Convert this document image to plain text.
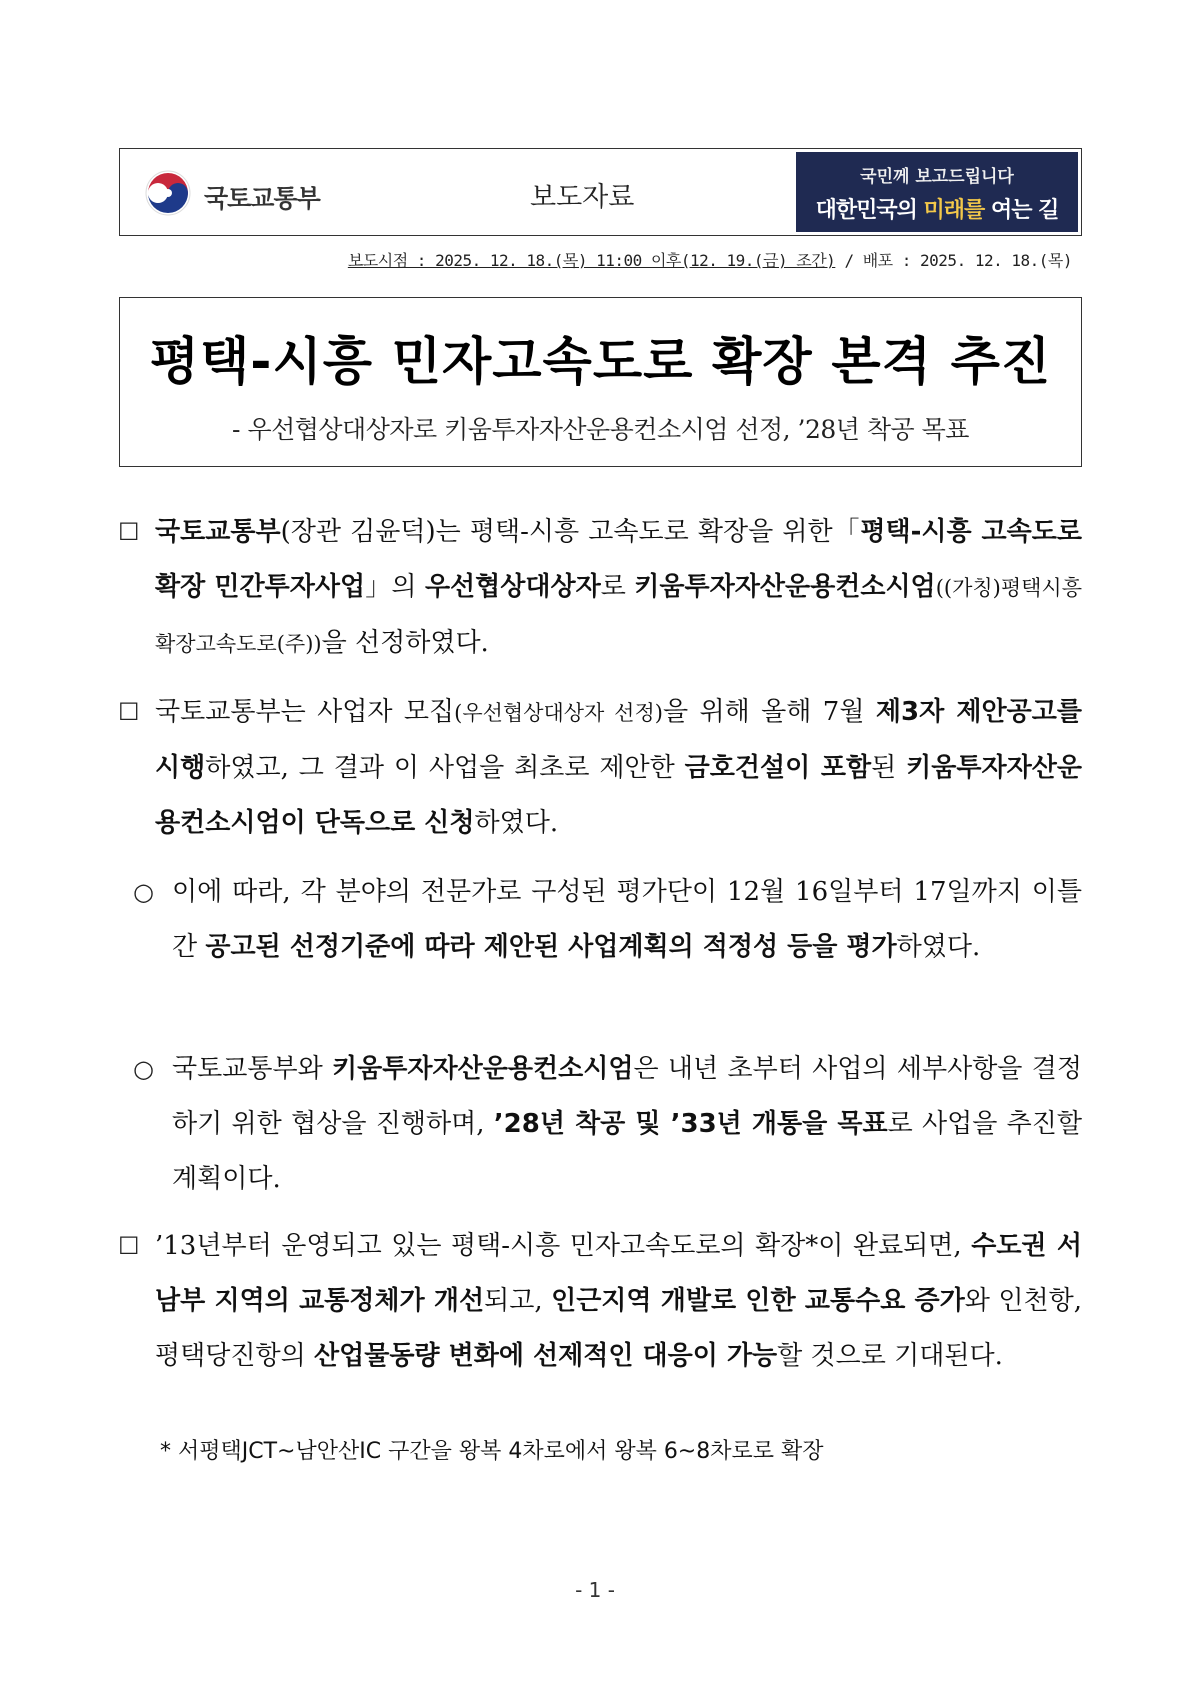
국토교통부	보도자료
국민께 보고드립니다
대한민국의 미래를 여는 길
보도시점 : 2025. 12. 18.(목) 11:00 이후(12. 19.(금) 조간) / 배포 : 2025. 12. 18.(목)
평택-시흥 민자고속도로 확장 본격 추진
- 우선협상대상자로 키움투자자산운용컨소시엄 선정, ’28년 착공 목표
☐ 국토교통부(장관 김윤덕)는 평택-시흥 고속도로 확장을 위한「평택-시흥 고속도로 확장 민간투자사업」의 우선협상대상자로 키움투자자산운용컨소시엄((가칭)평택시흥확장고속도로(주))을 선정하였다.
☐ 국토교통부는 사업자 모집(우선협상대상자 선정)을 위해 올해 7월 제3자 제안공고를 시행하였고, 그 결과 이 사업을 최초로 제안한 금호건설이 포함된 키움투자자산운용컨소시엄이 단독으로 신청하였다.
○ 이에 따라, 각 분야의 전문가로 구성된 평가단이 12월 16일부터 17일까지 이틀간 공고된 선정기준에 따라 제안된 사업계획의 적정성 등을 평가하였다.
○ 국토교통부와 키움투자자산운용컨소시엄은 내년 초부터 사업의 세부사항을 결정하기 위한 협상을 진행하며, ’28년 착공 및 ’33년 개통을 목표로 사업을 추진할 계획이다.
☐ ’13년부터 운영되고 있는 평택-시흥 민자고속도로의 확장*이 완료되면, 수도권 서남부 지역의 교통정체가 개선되고, 인근지역 개발로 인한 교통수요 증가와 인천항, 평택당진항의 산업물동량 변화에 선제적인 대응이 가능할 것으로 기대된다.
* 서평택JCT~남안산IC 구간을 왕복 4차로에서 왕복 6~8차로로 확장
- 1 -
